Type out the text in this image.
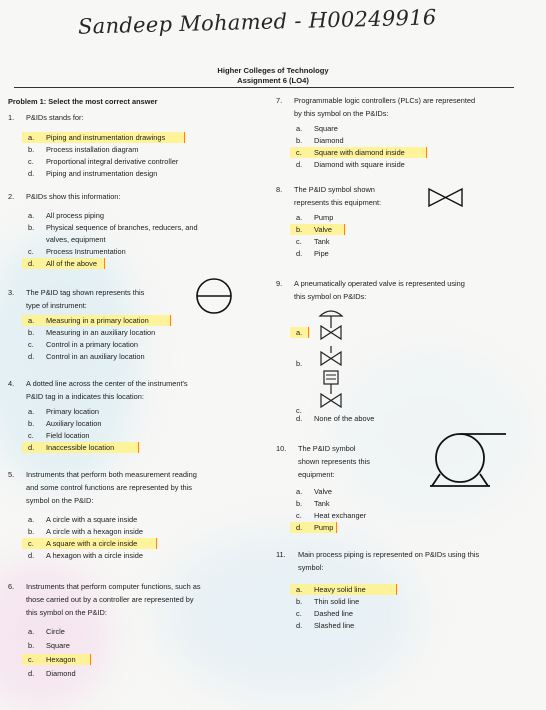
Sandeep Mohamed - H00249916
Higher Colleges of Technology
Assignment 6 (LO4)
Problem 1: Select the most correct answer
1. P&IDs stands for:
a. Piping and instrumentation drawings
b. Process installation diagram
c. Proportional integral derivative controller
d. Piping and instrumentation design
2. P&IDs show this information:
a. All process piping
b. Physical sequence of branches, reducers, and
valves, equipment
c. Process Instrumentation
d. All of the above
3. The P&ID tag shown represents this
type of instrument:
a. Measuring in a primary location
b. Measuring in an auxiliary location
c. Control in a primary location
d. Control in an auxiliary location
4. A dotted line across the center of the instrument's
P&ID tag in a indicates this location:
a. Primary location
b. Auxiliary location
c. Field location
d. Inaccessible location
5. Instruments that perform both measurement reading
and some control functions are represented by this
symbol on the P&ID:
a. A circle with a square inside
b. A circle with a hexagon inside
c. A square with a circle inside
d. A hexagon with a circle inside
6. Instruments that perform computer functions, such as
those carried out by a controller are represented by
this symbol on the P&ID:
a. Circle
b. Square
c. Hexagon
d. Diamond
7. Programmable logic controllers (PLCs) are represented
by this symbol on the P&IDs:
a. Square
b. Diamond
c. Square with diamond inside
d. Diamond with square inside
8. The P&ID symbol shown
represents this equipment:
a. Pump
b. Valve
c. Tank
d. Pipe
9. A pneumatically operated valve is represented using
this symbol on P&IDs:
a.
b.
c.
d. None of the above
10. The P&ID symbol
shown represents this
equipment:
a. Valve
b. Tank
c. Heat exchanger
d. Pump
11. Main process piping is represented on P&IDs using this
symbol:
a. Heavy solid line
b. Thin solid line
c. Dashed line
d. Slashed line
